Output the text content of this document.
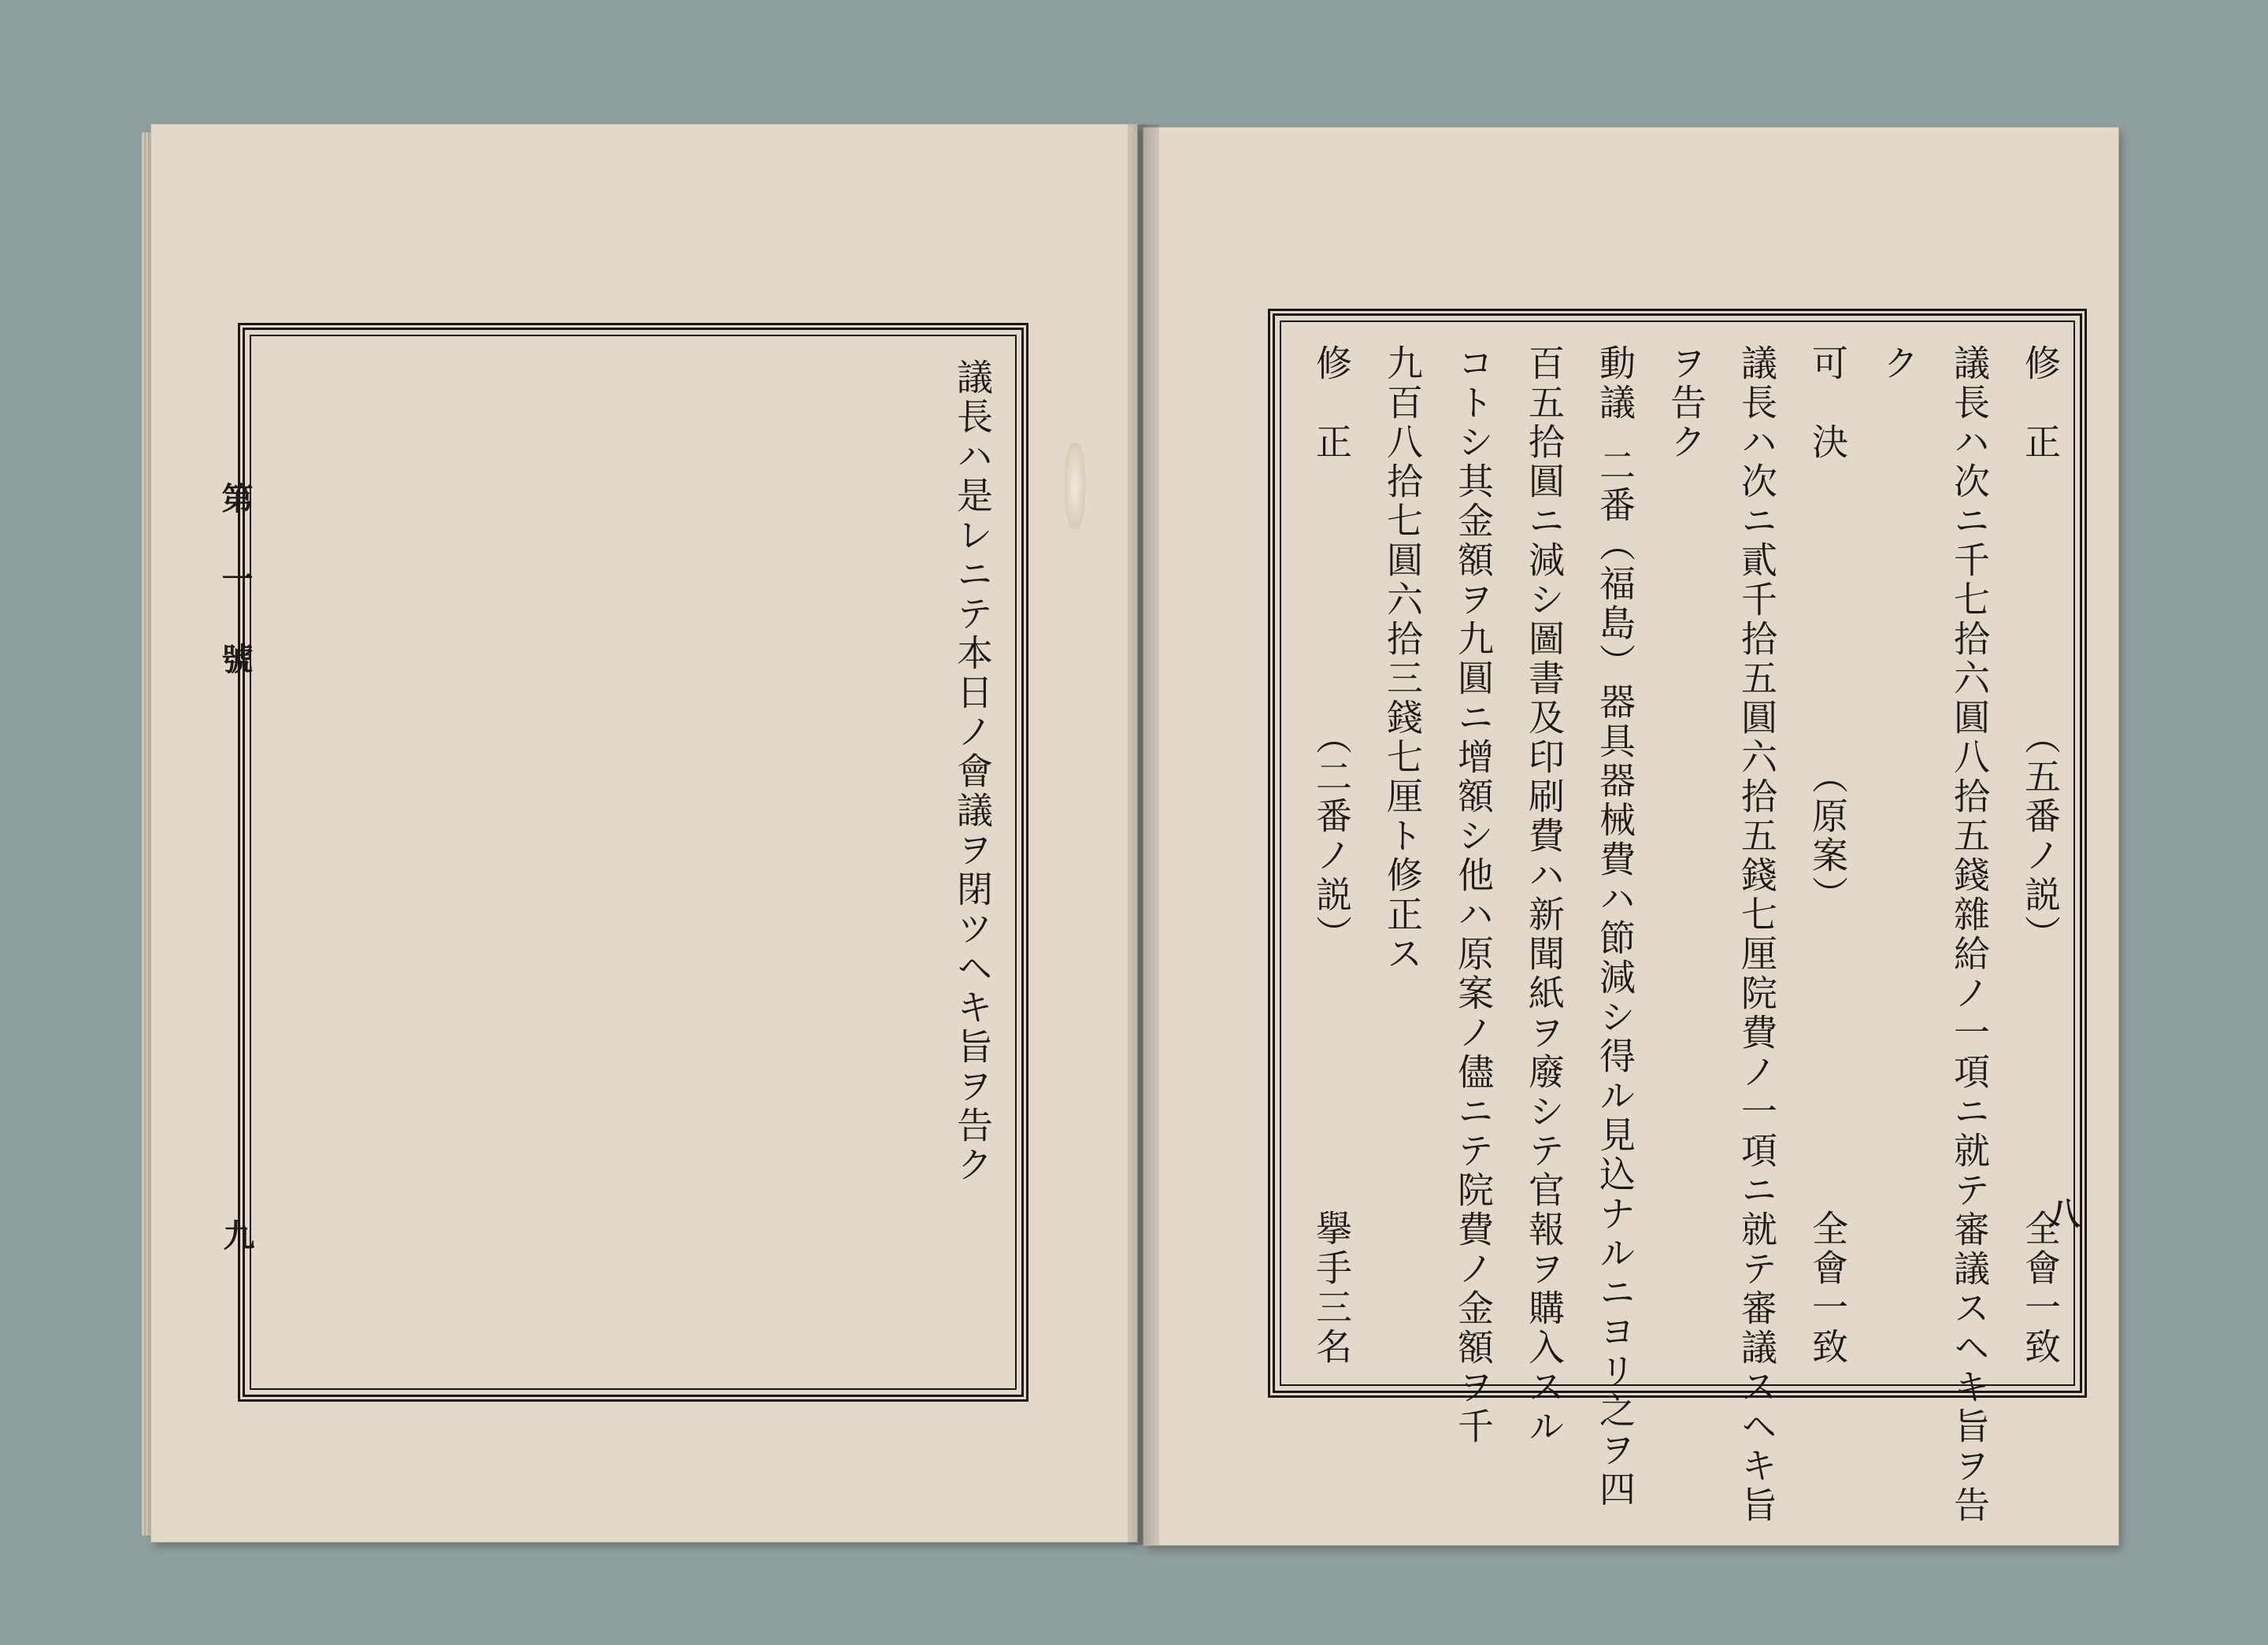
第一號
九
議長ハ是レニテ本日ノ會議ヲ閉ツヘキ旨ヲ告ク
八
修　正
（五番ノ説）
全會一致
議長ハ次ニ千七拾六圓八拾五錢雜給ノ一項ニ就テ審議スヘキ旨ヲ告
ク
可　決
（原案）
全會一致
議長ハ次ニ貳千拾五圓六拾五錢七厘院費ノ一項ニ就テ審議スヘキ旨
ヲ告ク
動議
二番（福島）器具器械費ハ節減シ得ル見込ナルニヨリ之ヲ四
百五拾圓ニ減シ圖書及印刷費ハ新聞紙ヲ廢シテ官報ヲ購入スル
コトシ其金額ヲ九圓ニ增額シ他ハ原案ノ儘ニテ院費ノ金額ヲ千
九百八拾七圓六拾三錢七厘ト修正ス
修　正
（二番ノ説）
擧手三名
